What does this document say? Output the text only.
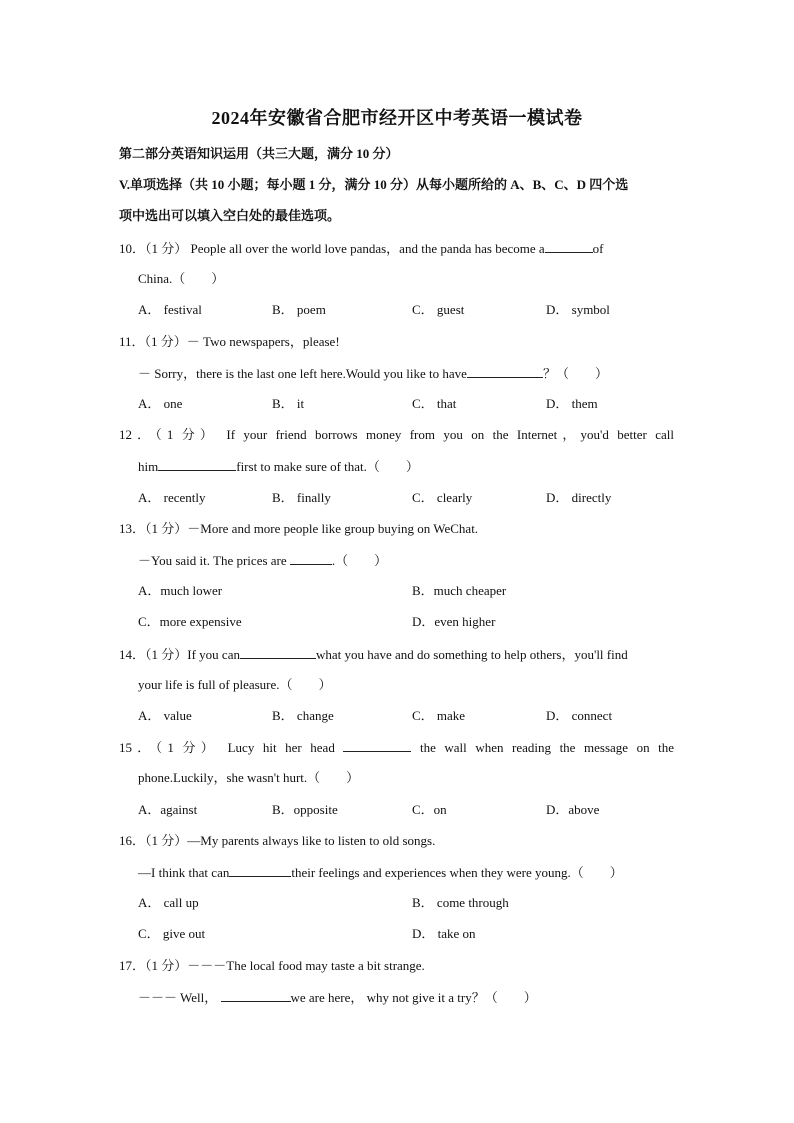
2024年安徽省合肥市经开区中考英语一模试卷
第二部分英语知识运用（共三大题，满分 10 分）
V.单项选择（共 10 小题；每小题 1 分，满分 10 分）从每小题所给的 A、B、C、D 四个选
项中选出可以填入空白处的最佳选项。
10．（1 分） People all over the world love pandas，and the panda has become a	of
China.（　　）
A． festival	B． poem	C． guest	D． symbol
11．（1 分）－ Two newspapers，please!
－ Sorry，there is the last one left here.Would you like to have	？（　　）
A． one	B． it	C． that	D． them
12．（1 分） If your friend borrows money from you on the Internet，you'd better call
him	first to make sure of that.（　　）
A． recently	B． finally	C． clearly	D． directly
13．（1 分）－More and more people like group buying on WeChat.
－You said it. The prices are	.（　　）
A．much lower	B．much cheaper
C．more expensive	D．even higher
14．（1 分）If you can	what you have and do something to help others，you'll find
your life is full of pleasure.（　　）
A． value	B． change	C． make	D． connect
15．（1 分） Lucy hit her head	the wall when reading the message on the
phone.Luckily，she wasn't hurt.（　　）
A．against	B．opposite	C．on	D．above
16．（1 分）—My parents always like to listen to old songs.
—I think that can	their feelings and experiences when they were young.（　　）
A． call up	B． come through
C． give out	D． take on
17．（1 分）－－－The local food may taste a bit strange.
－－－ Well，	we are here， why not give it a try？（　　）
